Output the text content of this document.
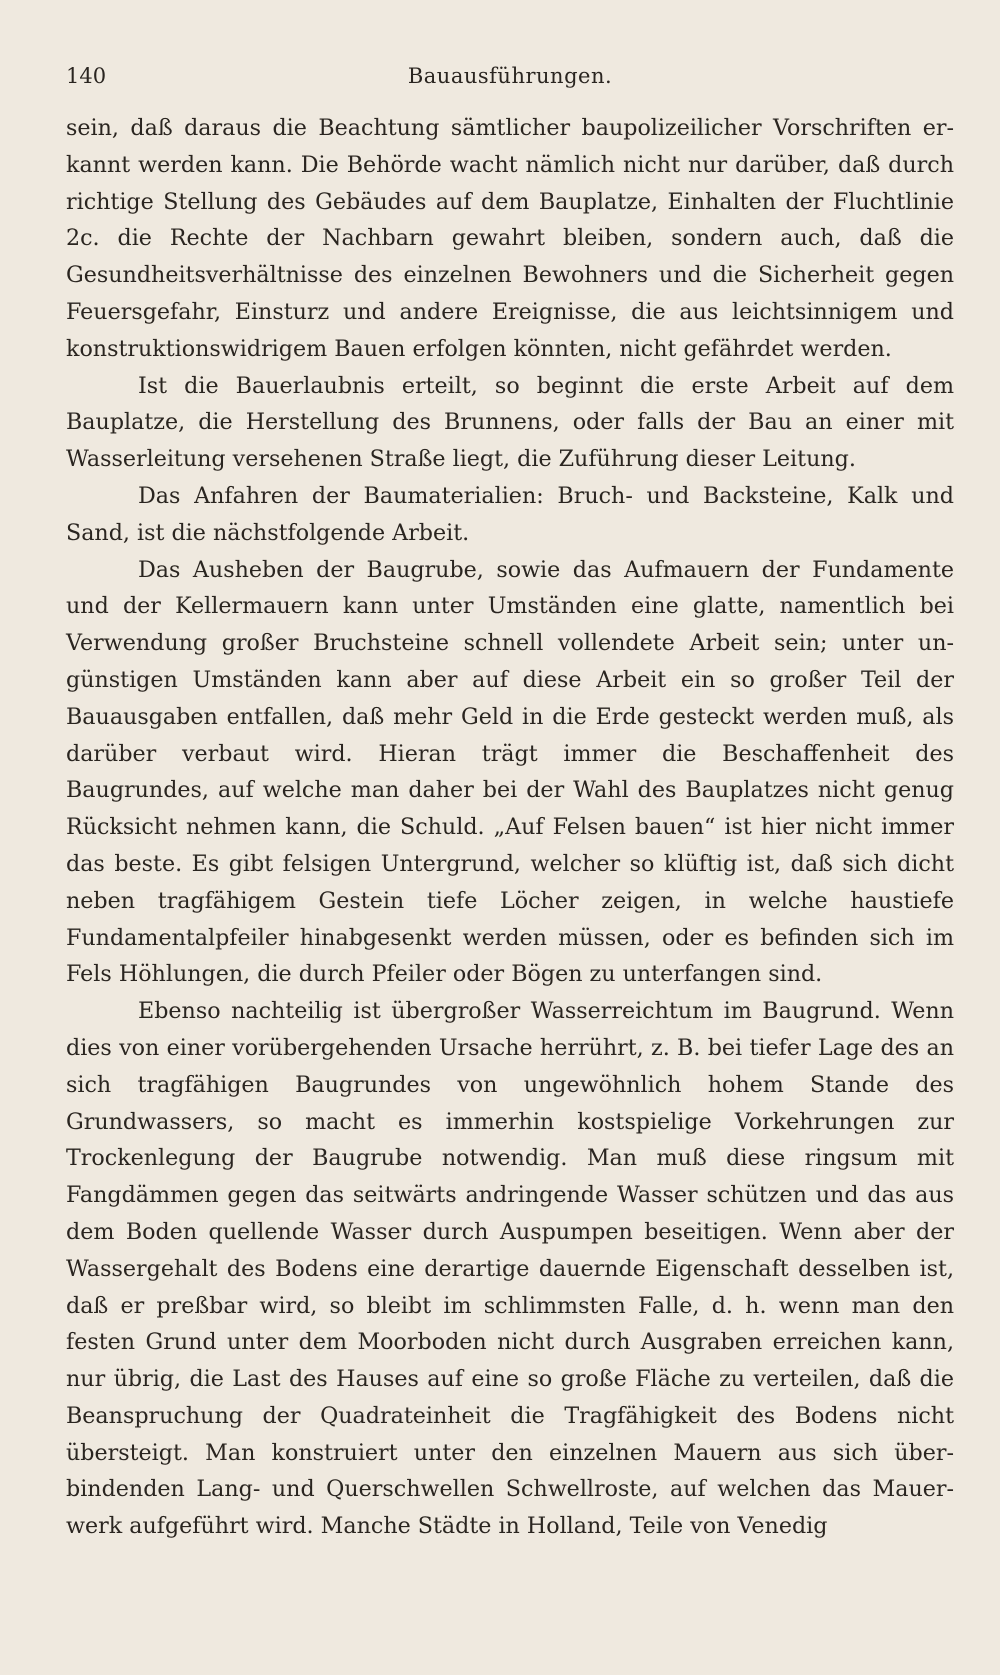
140	Bauausführungen.

sein, daß daraus die Beachtung sämtlicher baupolizeilicher Vorschriften erkannt werden kann. Die Behörde wacht nämlich nicht nur darüber, daß durch richtige Stellung des Gebäudes auf dem Bauplatze, Einhalten der Fluchtlinie 2c. die Rechte der Nachbarn gewahrt bleiben, sondern auch, daß die Gesundheitsverhältnisse des einzelnen Bewohners und die Sicherheit gegen Feuersgefahr, Einsturz und andere Ereignisse, die aus leichtsinnigem und konstruktionswidrigem Bauen erfolgen könnten, nicht gefährdet werden.

Ist die Bauerlaubnis erteilt, so beginnt die erste Arbeit auf dem Bauplatze, die Herstellung des Brunnens, oder falls der Bau an einer mit Wasserleitung versehenen Straße liegt, die Zuführung dieser Leitung.

Das Anfahren der Baumaterialien: Bruch- und Backsteine, Kalk und Sand, ist die nächstfolgende Arbeit.

Das Ausheben der Baugrube, sowie das Aufmauern der Fundamente und der Kellermauern kann unter Umständen eine glatte, namentlich bei Verwendung großer Bruchsteine schnell vollendete Arbeit sein; unter ungünstigen Umständen kann aber auf diese Arbeit ein so großer Teil der Bauausgaben entfallen, daß mehr Geld in die Erde gesteckt werden muß, als darüber verbaut wird. Hieran trägt immer die Beschaffenheit des Baugrundes, auf welche man daher bei der Wahl des Bauplatzes nicht genug Rücksicht nehmen kann, die Schuld. „Auf Felsen bauen“ ist hier nicht immer das beste. Es gibt felsigen Untergrund, welcher so klüftig ist, daß sich dicht neben tragfähigem Gestein tiefe Löcher zeigen, in welche haustiefe Fundamentalpfeiler hinabgesenkt werden müssen, oder es befinden sich im Fels Höhlungen, die durch Pfeiler oder Bögen zu unterfangen sind.

Ebenso nachteilig ist übergroßer Wasserreichtum im Baugrund. Wenn dies von einer vorübergehenden Ursache herrührt, z. B. bei tiefer Lage des an sich tragfähigen Baugrundes von ungewöhnlich hohem Stande des Grundwassers, so macht es immerhin kostspielige Vorkehrungen zur Trockenlegung der Baugrube notwendig. Man muß diese ringsum mit Fangdämmen gegen das seitwärts andringende Wasser schützen und das aus dem Boden quellende Wasser durch Auspumpen beseitigen. Wenn aber der Wassergehalt des Bodens eine derartige dauernde Eigenschaft desselben ist, daß er preßbar wird, so bleibt im schlimmsten Falle, d. h. wenn man den festen Grund unter dem Moorboden nicht durch Ausgraben erreichen kann, nur übrig, die Last des Hauses auf eine so große Fläche zu verteilen, daß die Beanspruchung der Quadrateinheit die Tragfähigkeit des Bodens nicht übersteigt. Man konstruiert unter den einzelnen Mauern aus sich überbindenden Lang- und Querschwellen Schwellroste, auf welchen das Mauerwerk aufgeführt wird. Manche Städte in Holland, Teile von Venedig
